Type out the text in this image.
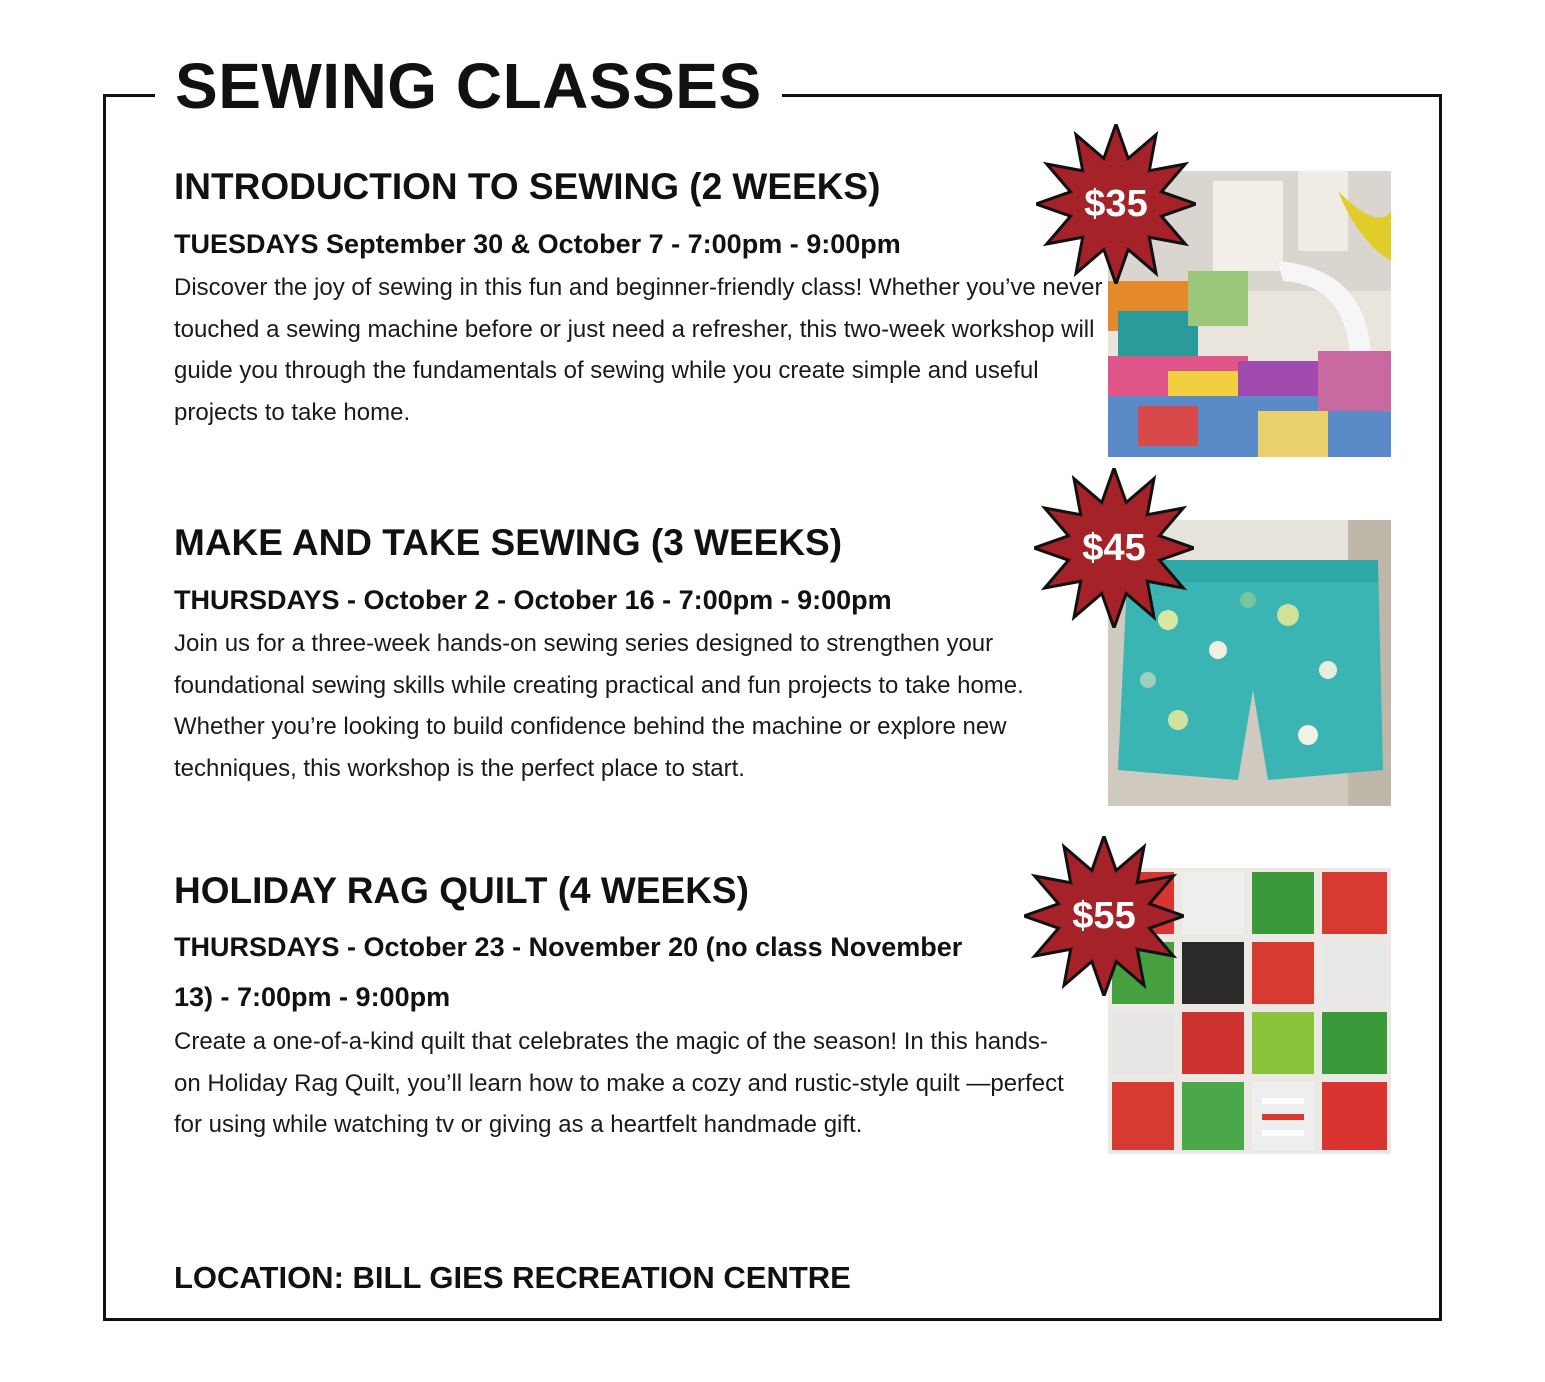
SEWING CLASSES
INTRODUCTION TO SEWING (2 WEEKS)

TUESDAYS September 30 & October 7 - 7:00pm - 9:00pm

Discover the joy of sewing in this fun and beginner-friendly class! Whether you’ve never touched a sewing machine before or just need a refresher, this two-week workshop will guide you through the fundamentals of sewing while you create simple and useful projects to take home.

$35
MAKE AND TAKE SEWING (3 WEEKS)

THURSDAYS - October 2 - October 16 - 7:00pm - 9:00pm

Join us for a three-week hands-on sewing series designed to strengthen your foundational sewing skills while creating practical and fun projects to take home. Whether you’re looking to build confidence behind the machine or explore new techniques, this workshop is the perfect place to start.

$45
HOLIDAY RAG QUILT (4 WEEKS)

THURSDAYS - October 23 - November 20 (no class November 13) - 7:00pm - 9:00pm

Create a one-of-a-kind quilt that celebrates the magic of the season! In this hands-on Holiday Rag Quilt, you’ll learn how to make a cozy and rustic-style quilt —perfect for using while watching tv or giving as a heartfelt handmade gift.

$55

LOCATION: BILL GIES RECREATION CENTRE
